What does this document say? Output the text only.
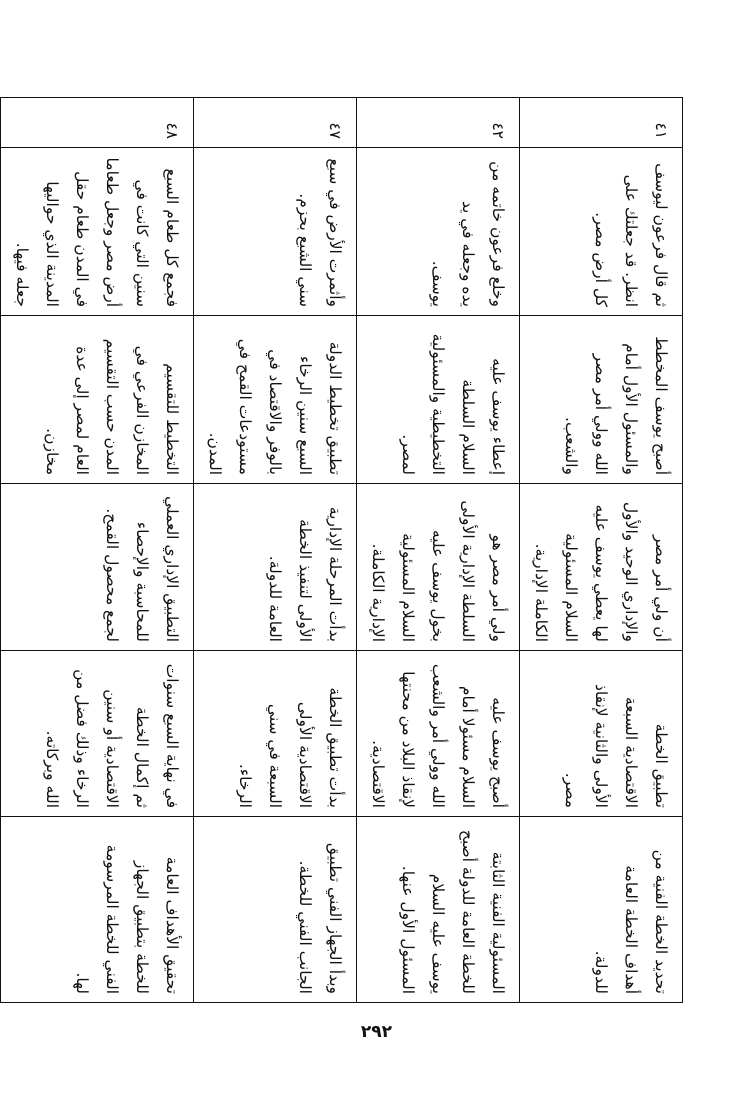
٤١	ثم قال فرعون ليوسف انظر. قد جعلتك على كل أرض مصر.	أصبح يوسف المخطط والمسئول الأول أمام الله وولي أمر مصر والشعب.	أن ولي أمر مصر والإداري الوحيد والأول لها يعطي يوسف عليه السلام المسئولية الكاملة الإدارية.	تطبيق الخطة الاقتصادية السبعة الأولى والثانية لإنقاذ مصر.	تحديد الخطة الفنية من أهداف الخطة العامة للدولة.
٤٢	وخلع فرعون خاتمه من يده وجعله في يد يوسف.	إعطاء يوسف عليه السلام السلطة التخطيطية والمسئولية لمصر.	ولي أمر مصر هو السلطة الإدارية الأولى بخول يوسف عليه السلام المسئولية الإدارية الكاملة.	أصبح يوسف عليه السلام مسئولا أمام الله وولي أمر والشعب لإنقاذ البلاد من محنتها الاقتصادية.	المسئولية الفنية الثابتة للخطة العامة للدولة أصبح يوسف عليه السلام المسئول الأول عنها.
٤٧	وأثمرت الأرض في سبع سني الشبع بحزم.	تطبيق تخطيط الدولة السبع سنين الرخاء بالوفر والاقتصاد في مستودعات القمح في المدن.	بدأت المرحلة الإدارية الأولى لتنفيذ الخطة العامة للدولة.	بدأت تطبيق الخطة الاقتصادية الأولى السبعة في سني الرخاء.	وبدأ الجهاز الفني تطبيق الجانب الفني للخطة.
٤٨	فجمع كل طعام السبع سنين التي كانت في أرض مصر وجعل طعاما في المدن طعام حقل المدينة الذي حواليها جعله فيها.	التخطيط للتقسيم المخازن الفرعي في المدن حسب التقسيم العام لمصر إلى عدة مخازن.	التطبيق الإداري العملي للمحاسبة والإحصاء لجمع محصول القمح.	في نهاية السبع سنوات ثم إكمال الخطة الاقتصادية أو سنين الرخاء وذلك فضل من الله وبركاته.	تحقيق الأهداف العامة للخطة بتطبيق الجهاز الفني للخطة المرسومة لها.
٢٩٢
